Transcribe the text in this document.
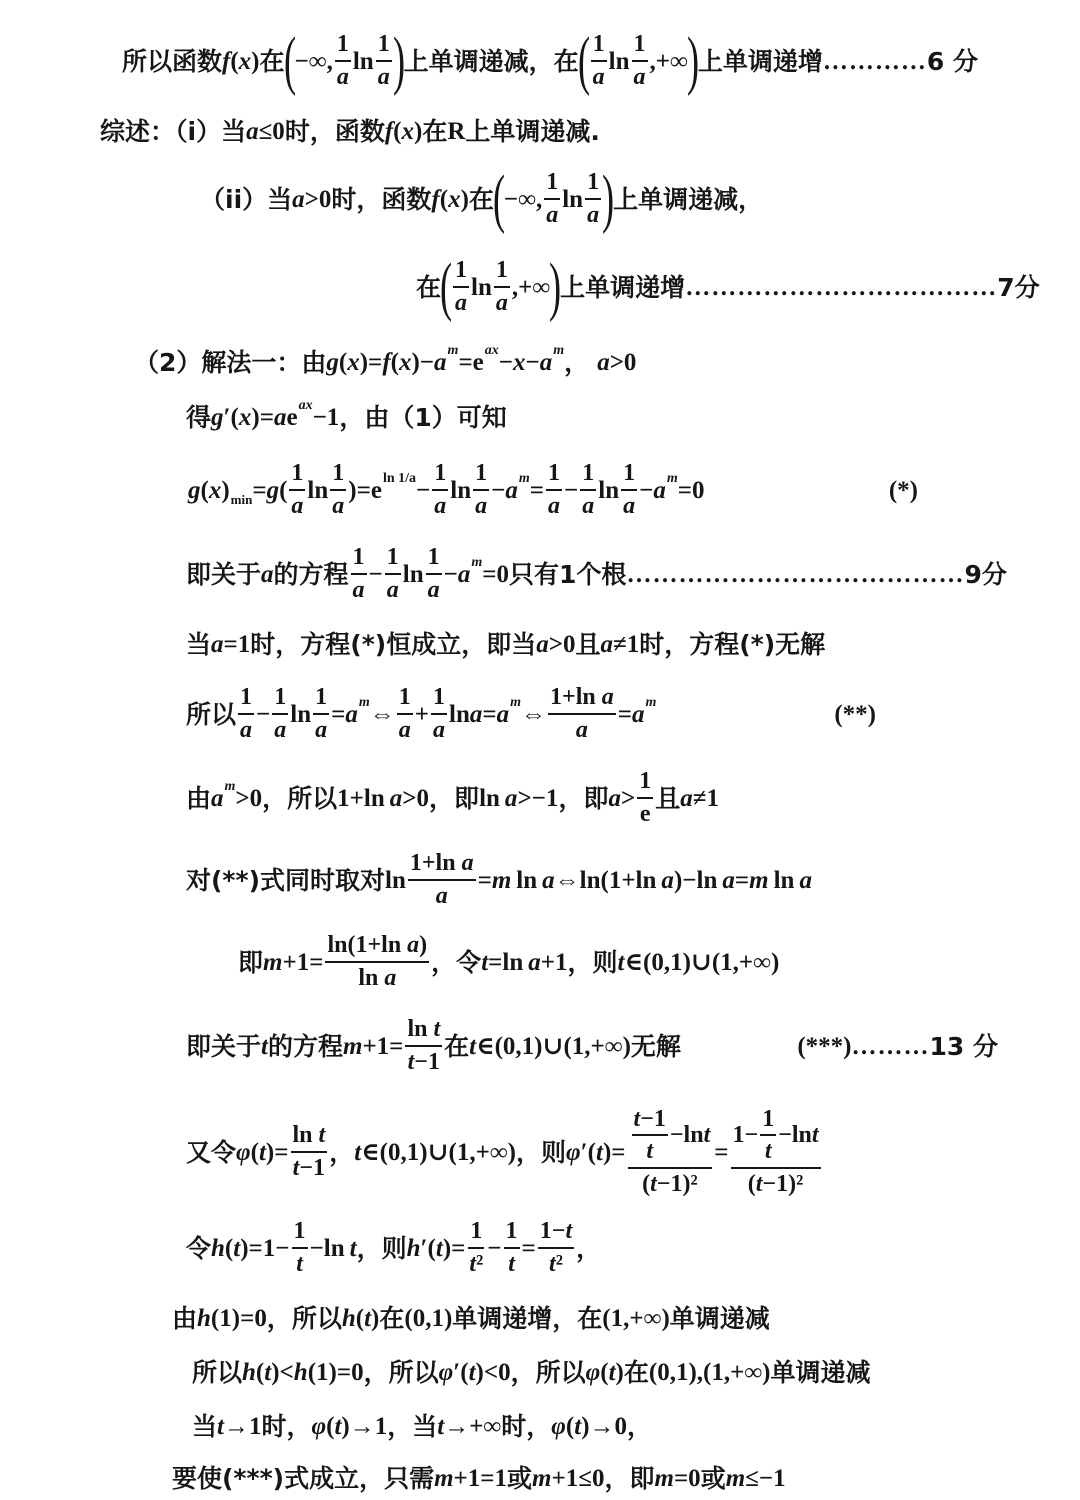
所以函数 f ( x ) 在
(
−∞, $\frac{1}{a}$ $\ln \frac{1}{a}$ )
上单调递减，在
( $\frac{1}{a}$ $\ln \frac{1}{a}$ ,+∞
)
上单调递增 ………… 6 分
综述：（i）当 a ≤0 时，函数 f ( x ) 在 R 上单调递减.
（ii）当 a >0 时，函数 f ( x ) 在
(
−∞, $\frac{1}{a}$ $\ln \frac{1}{a}$ )
上单调递减，
在
( $\frac{1}{a}$ $\ln \frac{1}{a}$ ,+∞
)
上单调递增 ……………………………… 7分
（2）解法一：由 g ( x )= f ( x )− a m =e ax − x − a m ， a >0
得 g ′( x )= a e ax −1 ，由（1）可知
g ( x ) min = g ( $\frac{1}{a}$ $\ln \frac{1}{a} )=e$ $\ln 1/a - \frac{1}{a}$ $\ln \frac{1}{a} - a$ $m = \frac{1}{a} - \frac{1}{a}$ $\ln \frac{1}{a} - a$ m =0	(*)
即关于 a 的方程 $\frac{1}{a} - \frac{1}{a}$ $\ln \frac{1}{a} - a$ m =0 只有1个根 ………………………………… 9分
当 a =1 时，方程(*)恒成立，即当 a >0 且 a ≠1 时，方程(*)无解
所以 $\frac{1}{a} - \frac{1}{a}$ $\ln \frac{1}{a} = a$ m ⇔ $\frac{1}{a} + \frac{1}{a}$ ln a = a m ⇔ $\frac{\text{1+ln a}}{a} = a$ m	(**)
由 a m >0 ，所以 1+ln  a >0 ，即 ln  a >−1 ，即 $a > \frac{1}{e}$ 且 a ≠1
对(**)式同时取对 $\ln \frac{\text{1+ln a}}{a} = m$  ln  a ⇔ln(1+ln  a )−ln  a = m  ln  a
即 $m +1= \frac{\text{ln(1+ln a)}}{\text{ln a}}$ ，令 t =ln  a +1 ，则 t ∈(0,1)∪(1,+∞)
即关于 t 的方程 $m +1= \frac{\text{ln t}}{t-1}$ 在 t ∈(0,1)∪(1,+∞) 无解	(***) ……… 13 分
又令 φ ( t )= $\frac{\text{ln t}}{t-1}$ ， t ∈(0,1)∪(1,+∞) ，则 φ ′( t )= $\frac{\frac{t-1}{t} -\ln t}{\text{(t−1)²}} = \frac{1- \frac{1}{t} -\ln t}{\text{(t−1)²}}$
令 h ( t )$=1- \frac{1}{t} -\ln$  t ，则 h ′( t )= $\frac{1}{\text{t²}} - \frac{1}{t} = \frac{1-t}{\text{t²}}$ ，
由 h (1)=0 ，所以 h ( t ) 在 (0,1) 单调递增，在 (1,+∞) 单调递减
所以 h ( t )< h (1)=0 ，所以 φ ′( t )<0 ，所以 φ ( t ) 在 (0,1),(1,+∞) 单调递减
当 t →1 时， φ ( t )→1 ，当 t →+∞ 时， φ ( t )→0 ，
要使(***)式成立，只需 m +1=1 或 m +1≤0 ，即 m =0 或 m ≤−1
